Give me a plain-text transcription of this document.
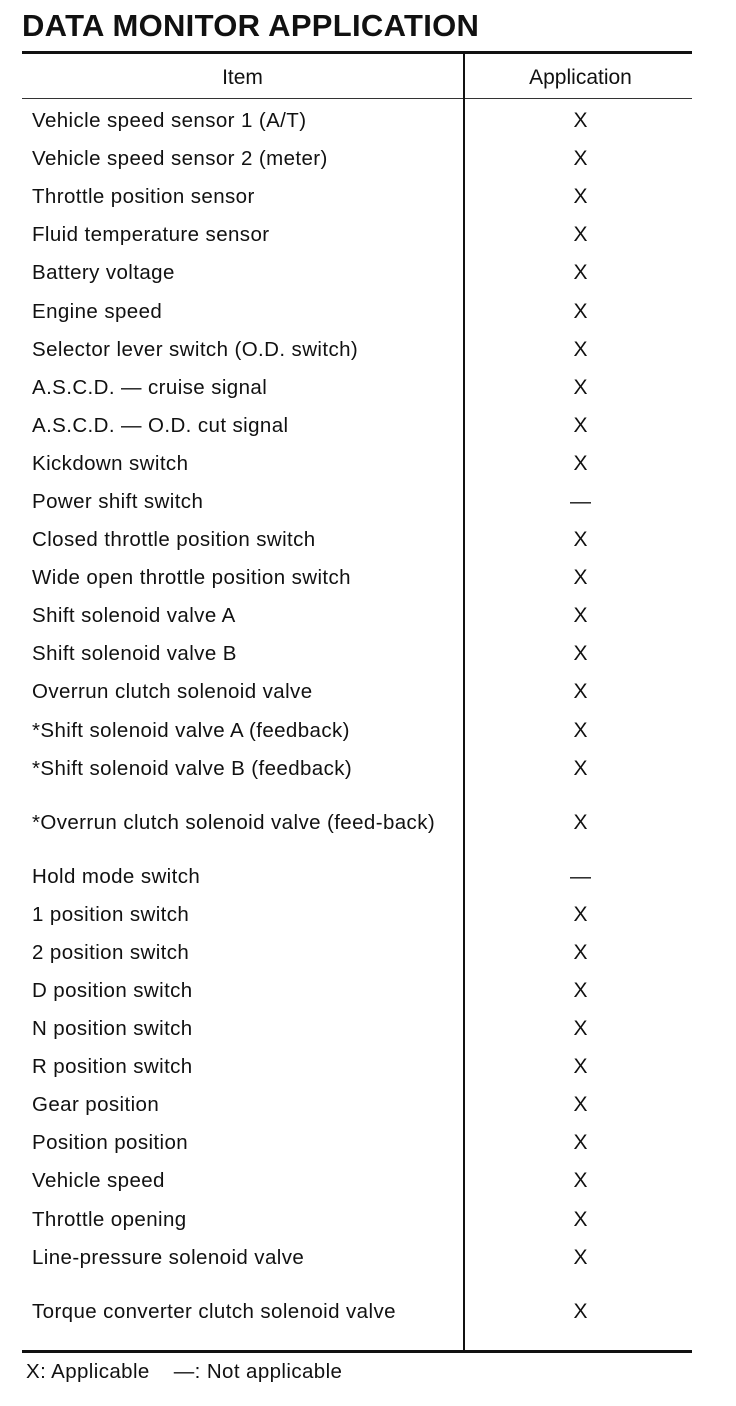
DATA MONITOR APPLICATION
Item	Application
Vehicle speed sensor 1 (A/T)	X
Vehicle speed sensor 2 (meter)	X
Throttle position sensor	X
Fluid temperature sensor	X
Battery voltage	X
Engine speed	X
Selector lever switch (O.D. switch)	X
A.S.C.D. — cruise signal	X
A.S.C.D. — O.D. cut signal	X
Kickdown switch	X
Power shift switch	—
Closed throttle position switch	X
Wide open throttle position switch	X
Shift solenoid valve A	X
Shift solenoid valve B	X
Overrun clutch solenoid valve	X
*Shift solenoid valve A (feedback)	X
*Shift solenoid valve B (feedback)	X
*Overrun clutch solenoid valve (feed-back)	X
Hold mode switch	—
1 position switch	X
2 position switch	X
D position switch	X
N position switch	X
R position switch	X
Gear position	X
Position position	X
Vehicle speed	X
Throttle opening	X
Line-pressure solenoid valve	X
Torque converter clutch solenoid valve	X
X: Applicable —: Not applicable
